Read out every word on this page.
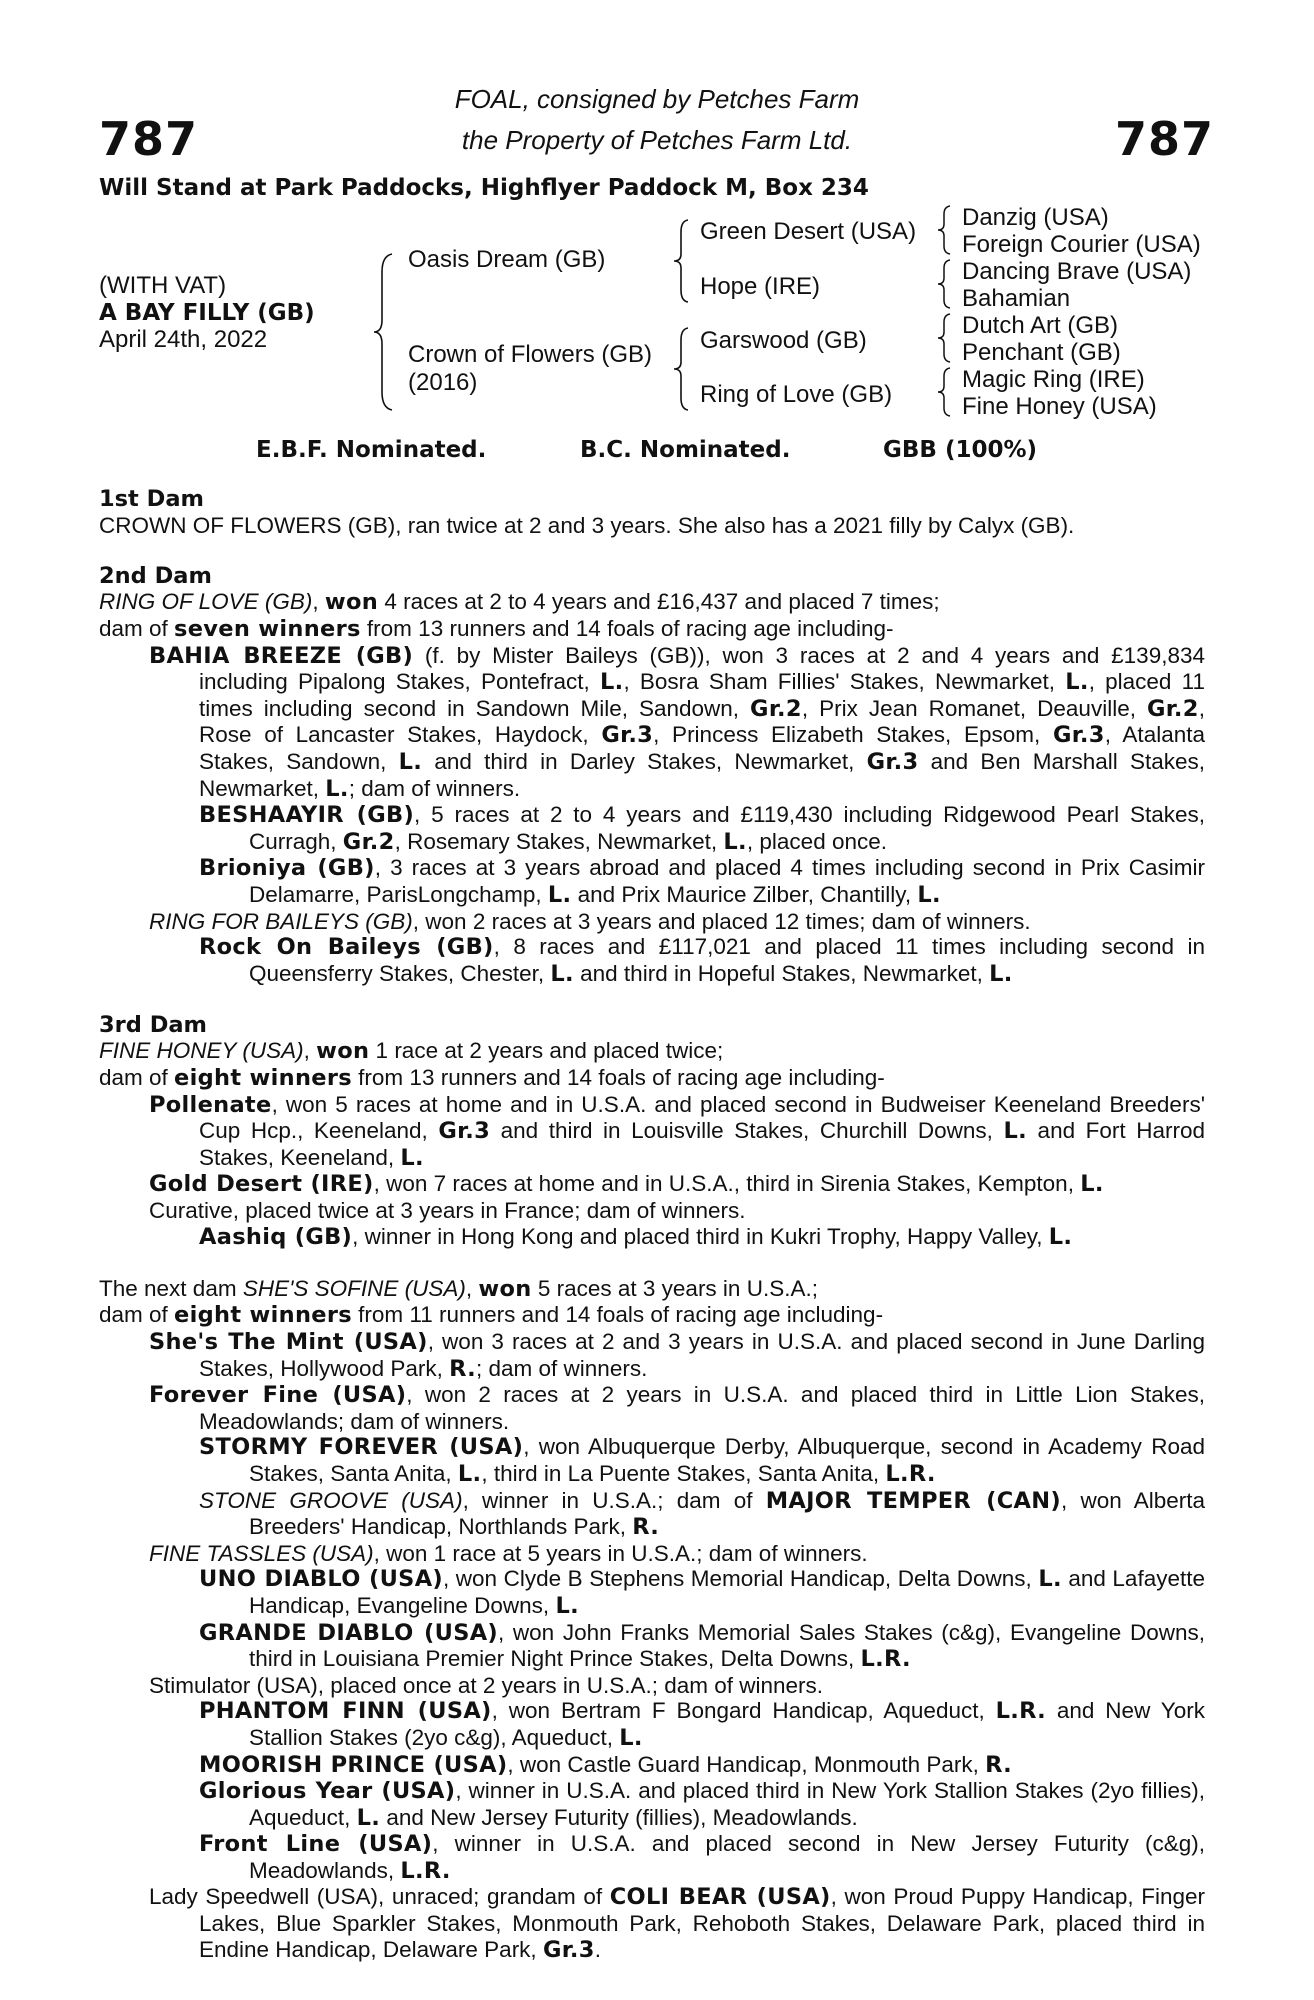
787	787
FOAL, consigned by Petches Farm
the Property of Petches Farm Ltd.
Will Stand at Park Paddocks, Highflyer Paddock M, Box 234
(WITH VAT)
A BAY FILLY (GB)
April 24th, 2022
Oasis Dream (GB)
Crown of Flowers (GB)
(2016)
Green Desert (USA)
Hope (IRE)
Garswood (GB)
Ring of Love (GB)
Danzig (USA)
Foreign Courier (USA)
Dancing Brave (USA)
Bahamian
Dutch Art (GB)
Penchant (GB)
Magic Ring (IRE)
Fine Honey (USA)
E.B.F. Nominated.	B.C. Nominated.	GBB (100%)
1st Dam
CROWN OF FLOWERS (GB), ran twice at 2 and 3 years. She also has a 2021 filly by Calyx (GB).
2nd Dam
RING OF LOVE (GB), won 4 races at 2 to 4 years and £16,437 and placed 7 times;
dam of seven winners from 13 runners and 14 foals of racing age including-
BAHIA BREEZE (GB) (f. by Mister Baileys (GB)), won 3 races at 2 and 4 years and £139,834 including Pipalong Stakes, Pontefract, L., Bosra Sham Fillies' Stakes, Newmarket, L., placed 11 times including second in Sandown Mile, Sandown, Gr.2, Prix Jean Romanet, Deauville, Gr.2, Rose of Lancaster Stakes, Haydock, Gr.3, Princess Elizabeth Stakes, Epsom, Gr.3, Atalanta Stakes, Sandown, L. and third in Darley Stakes, Newmarket, Gr.3 and Ben Marshall Stakes, Newmarket, L.; dam of winners.
BESHAAYIR (GB), 5 races at 2 to 4 years and £119,430 including Ridgewood Pearl Stakes, Curragh, Gr.2, Rosemary Stakes, Newmarket, L., placed once.
Brioniya (GB), 3 races at 3 years abroad and placed 4 times including second in Prix Casimir Delamarre, ParisLongchamp, L. and Prix Maurice Zilber, Chantilly, L.
RING FOR BAILEYS (GB), won 2 races at 3 years and placed 12 times; dam of winners.
Rock On Baileys (GB), 8 races and £117,021 and placed 11 times including second in Queensferry Stakes, Chester, L. and third in Hopeful Stakes, Newmarket, L.
3rd Dam
FINE HONEY (USA), won 1 race at 2 years and placed twice;
dam of eight winners from 13 runners and 14 foals of racing age including-
Pollenate, won 5 races at home and in U.S.A. and placed second in Budweiser Keeneland Breeders' Cup Hcp., Keeneland, Gr.3 and third in Louisville Stakes, Churchill Downs, L. and Fort Harrod Stakes, Keeneland, L.
Gold Desert (IRE), won 7 races at home and in U.S.A., third in Sirenia Stakes, Kempton, L.
Curative, placed twice at 3 years in France; dam of winners.
Aashiq (GB), winner in Hong Kong and placed third in Kukri Trophy, Happy Valley, L.
The next dam SHE'S SOFINE (USA), won 5 races at 3 years in U.S.A.;
dam of eight winners from 11 runners and 14 foals of racing age including-
She's The Mint (USA), won 3 races at 2 and 3 years in U.S.A. and placed second in June Darling Stakes, Hollywood Park, R.; dam of winners.
Forever Fine (USA), won 2 races at 2 years in U.S.A. and placed third in Little Lion Stakes, Meadowlands; dam of winners.
STORMY FOREVER (USA), won Albuquerque Derby, Albuquerque, second in Academy Road Stakes, Santa Anita, L., third in La Puente Stakes, Santa Anita, L.R.
STONE GROOVE (USA), winner in U.S.A.; dam of MAJOR TEMPER (CAN), won Alberta Breeders' Handicap, Northlands Park, R.
FINE TASSLES (USA), won 1 race at 5 years in U.S.A.; dam of winners.
UNO DIABLO (USA), won Clyde B Stephens Memorial Handicap, Delta Downs, L. and Lafayette Handicap, Evangeline Downs, L.
GRANDE DIABLO (USA), won John Franks Memorial Sales Stakes (c&g), Evangeline Downs, third in Louisiana Premier Night Prince Stakes, Delta Downs, L.R.
Stimulator (USA), placed once at 2 years in U.S.A.; dam of winners.
PHANTOM FINN (USA), won Bertram F Bongard Handicap, Aqueduct, L.R. and New York Stallion Stakes (2yo c&g), Aqueduct, L.
MOORISH PRINCE (USA), won Castle Guard Handicap, Monmouth Park, R.
Glorious Year (USA), winner in U.S.A. and placed third in New York Stallion Stakes (2yo fillies), Aqueduct, L. and New Jersey Futurity (fillies), Meadowlands.
Front Line (USA), winner in U.S.A. and placed second in New Jersey Futurity (c&g), Meadowlands, L.R.
Lady Speedwell (USA), unraced; grandam of COLI BEAR (USA), won Proud Puppy Handicap, Finger Lakes, Blue Sparkler Stakes, Monmouth Park, Rehoboth Stakes, Delaware Park, placed third in Endine Handicap, Delaware Park, Gr.3.
